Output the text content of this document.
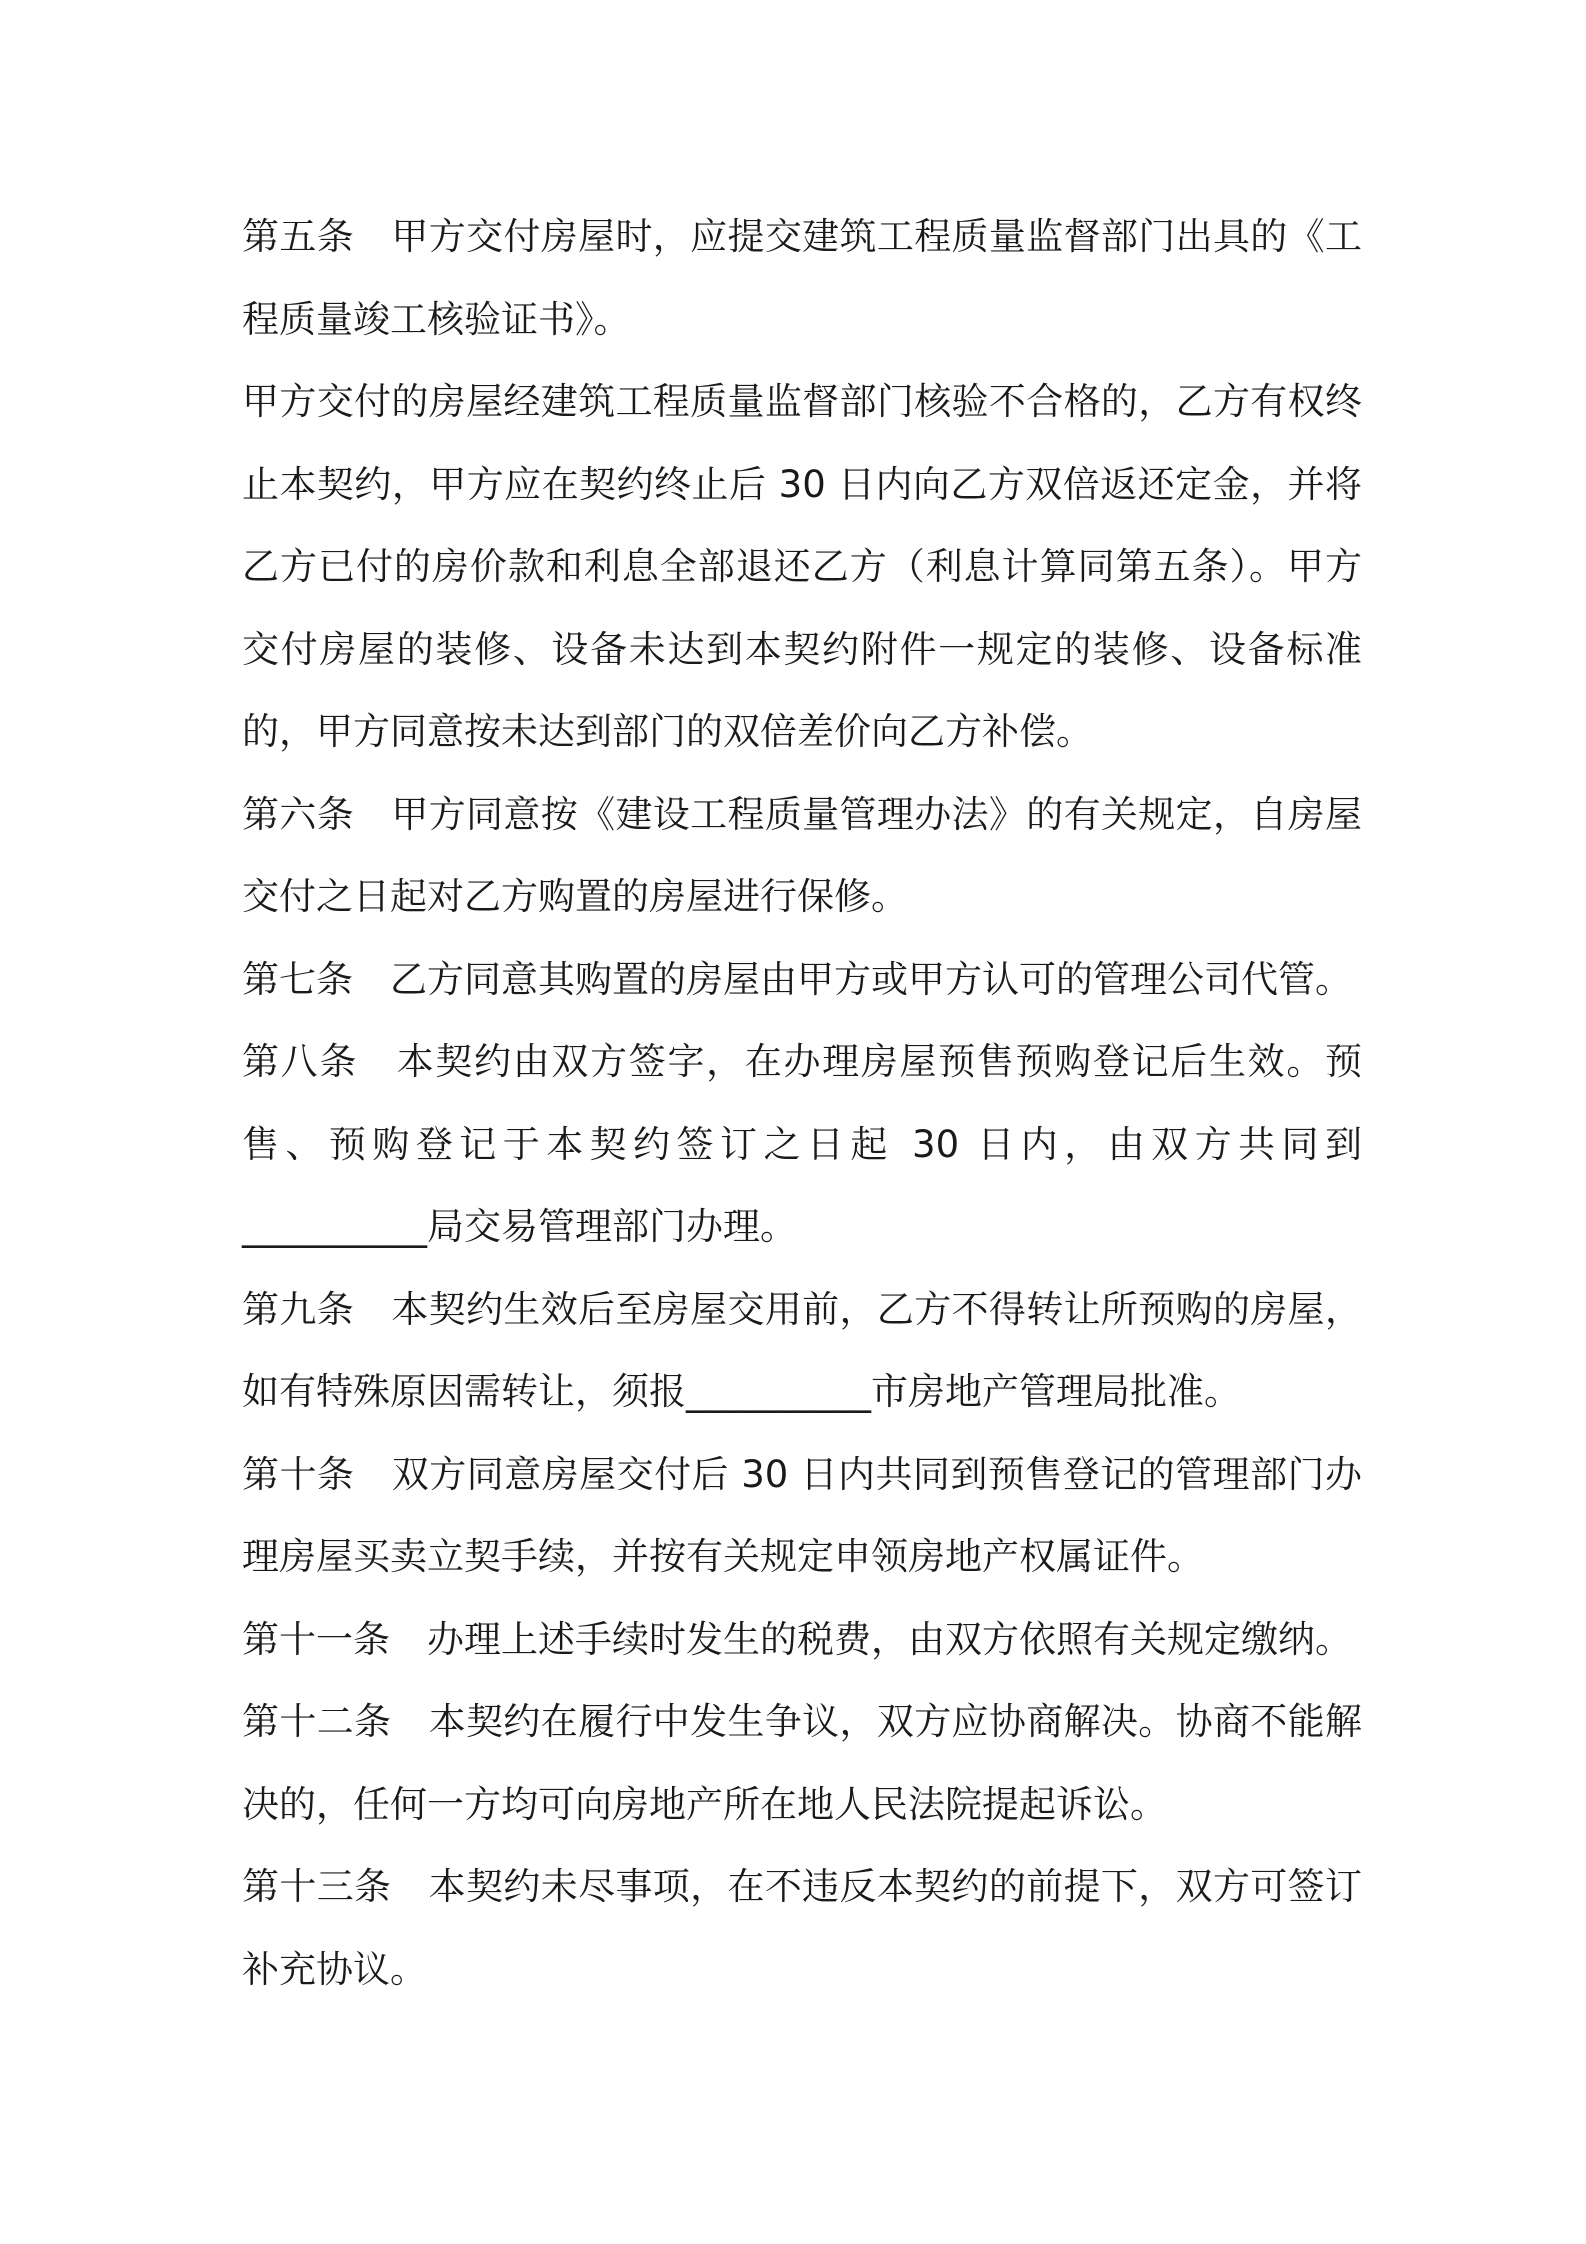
第五条　甲方交付房屋时，应提交建筑工程质量监督部门出具的《工程质量竣工核验证书》。

甲方交付的房屋经建筑工程质量监督部门核验不合格的，乙方有权终止本契约，甲方应在契约终止后 30 日内向乙方双倍返还定金，并将乙方已付的房价款和利息全部退还乙方（利息计算同第五条）。甲方交付房屋的装修、设备未达到本契约附件一规定的装修、设备标准的，甲方同意按未达到部门的双倍差价向乙方补偿。

第六条　甲方同意按《建设工程质量管理办法》的有关规定，自房屋交付之日起对乙方购置的房屋进行保修。

第七条　乙方同意其购置的房屋由甲方或甲方认可的管理公司代管。

第八条　本契约由双方签字，在办理房屋预售预购登记后生效。预售、预购登记于本契约签订之日起 30 日内，由双方共同到__________局交易管理部门办理。

第九条　本契约生效后至房屋交用前，乙方不得转让所预购的房屋，如有特殊原因需转让，须报__________市房地产管理局批准。

第十条　双方同意房屋交付后 30 日内共同到预售登记的管理部门办理房屋买卖立契手续，并按有关规定申领房地产权属证件。

第十一条　办理上述手续时发生的税费，由双方依照有关规定缴纳。

第十二条　本契约在履行中发生争议，双方应协商解决。协商不能解决的，任何一方均可向房地产所在地人民法院提起诉讼。

第十三条　本契约未尽事项，在不违反本契约的前提下，双方可签订补充协议。
